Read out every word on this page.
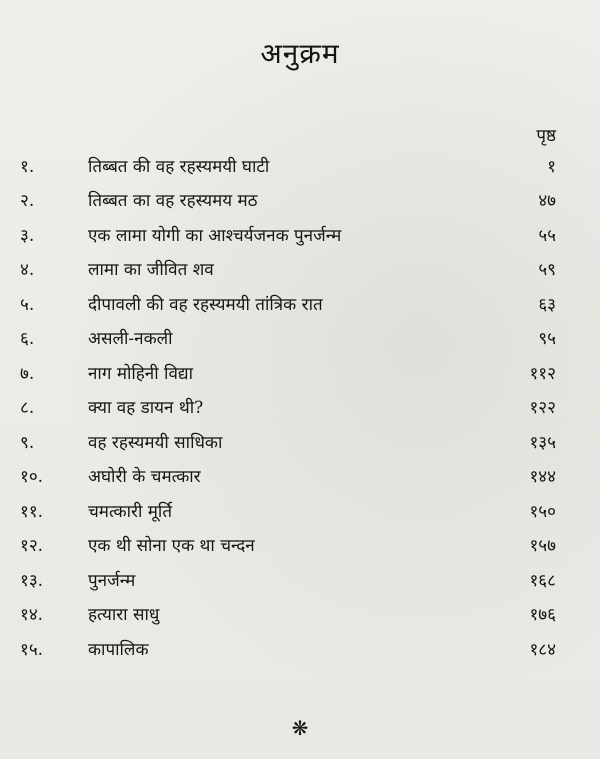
अनुक्रम
पृष्ठ
१.	तिब्बत की वह रहस्यमयी घाटी	१
२.	तिब्बत का वह रहस्यमय मठ	४७
३.	एक लामा योगी का आश्चर्यजनक पुनर्जन्म	५५
४.	लामा का जीवित शव	५९
५.	दीपावली की वह रहस्यमयी तांत्रिक रात	६३
६.	असली-नकली	९५
७.	नाग मोहिनी विद्या	११२
८.	क्या वह डायन थी?	१२२
९.	वह रहस्यमयी साधिका	१३५
१०.	अघोरी के चमत्कार	१४४
११.	चमत्कारी मूर्ति	१५०
१२.	एक थी सोना एक था चन्दन	१५७
१३.	पुनर्जन्म	१६८
१४.	हत्यारा साधु	१७६
१५.	कापालिक	१८४
❋
